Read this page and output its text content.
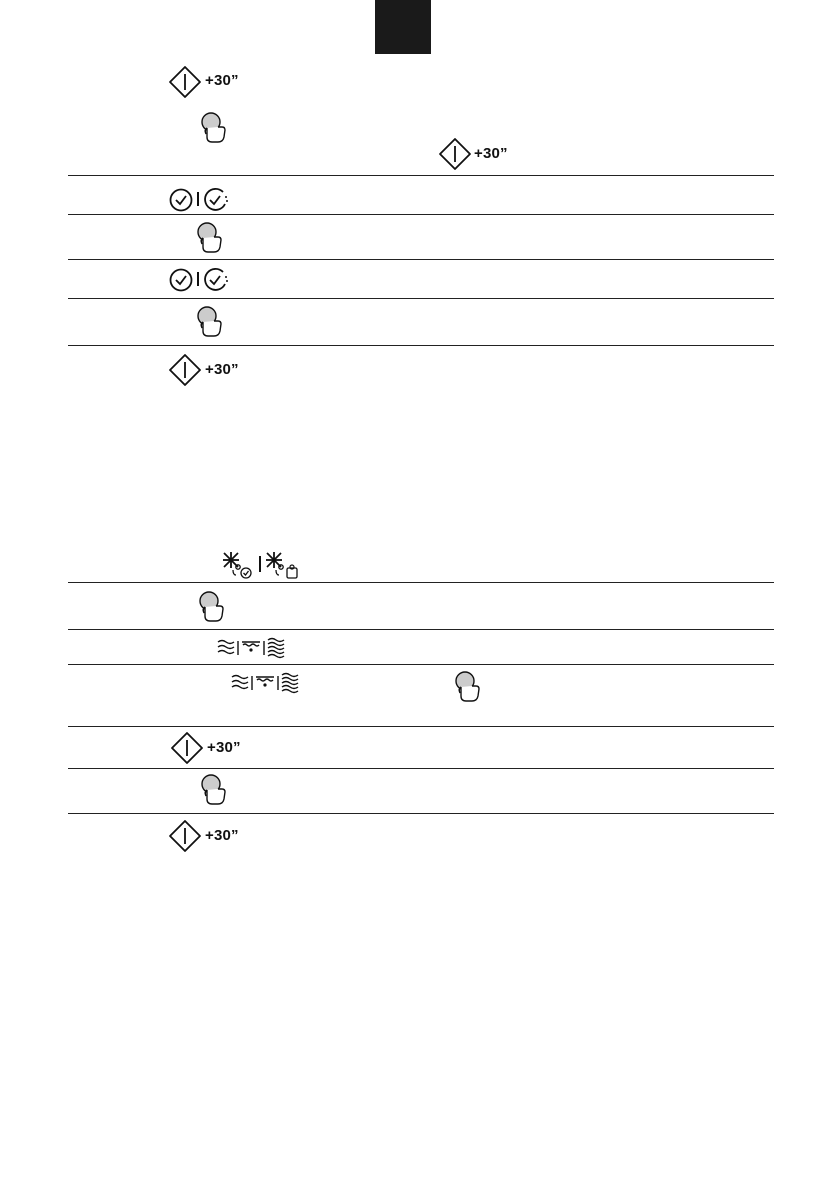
+30”
+30”
+30”
+30”
+30”
